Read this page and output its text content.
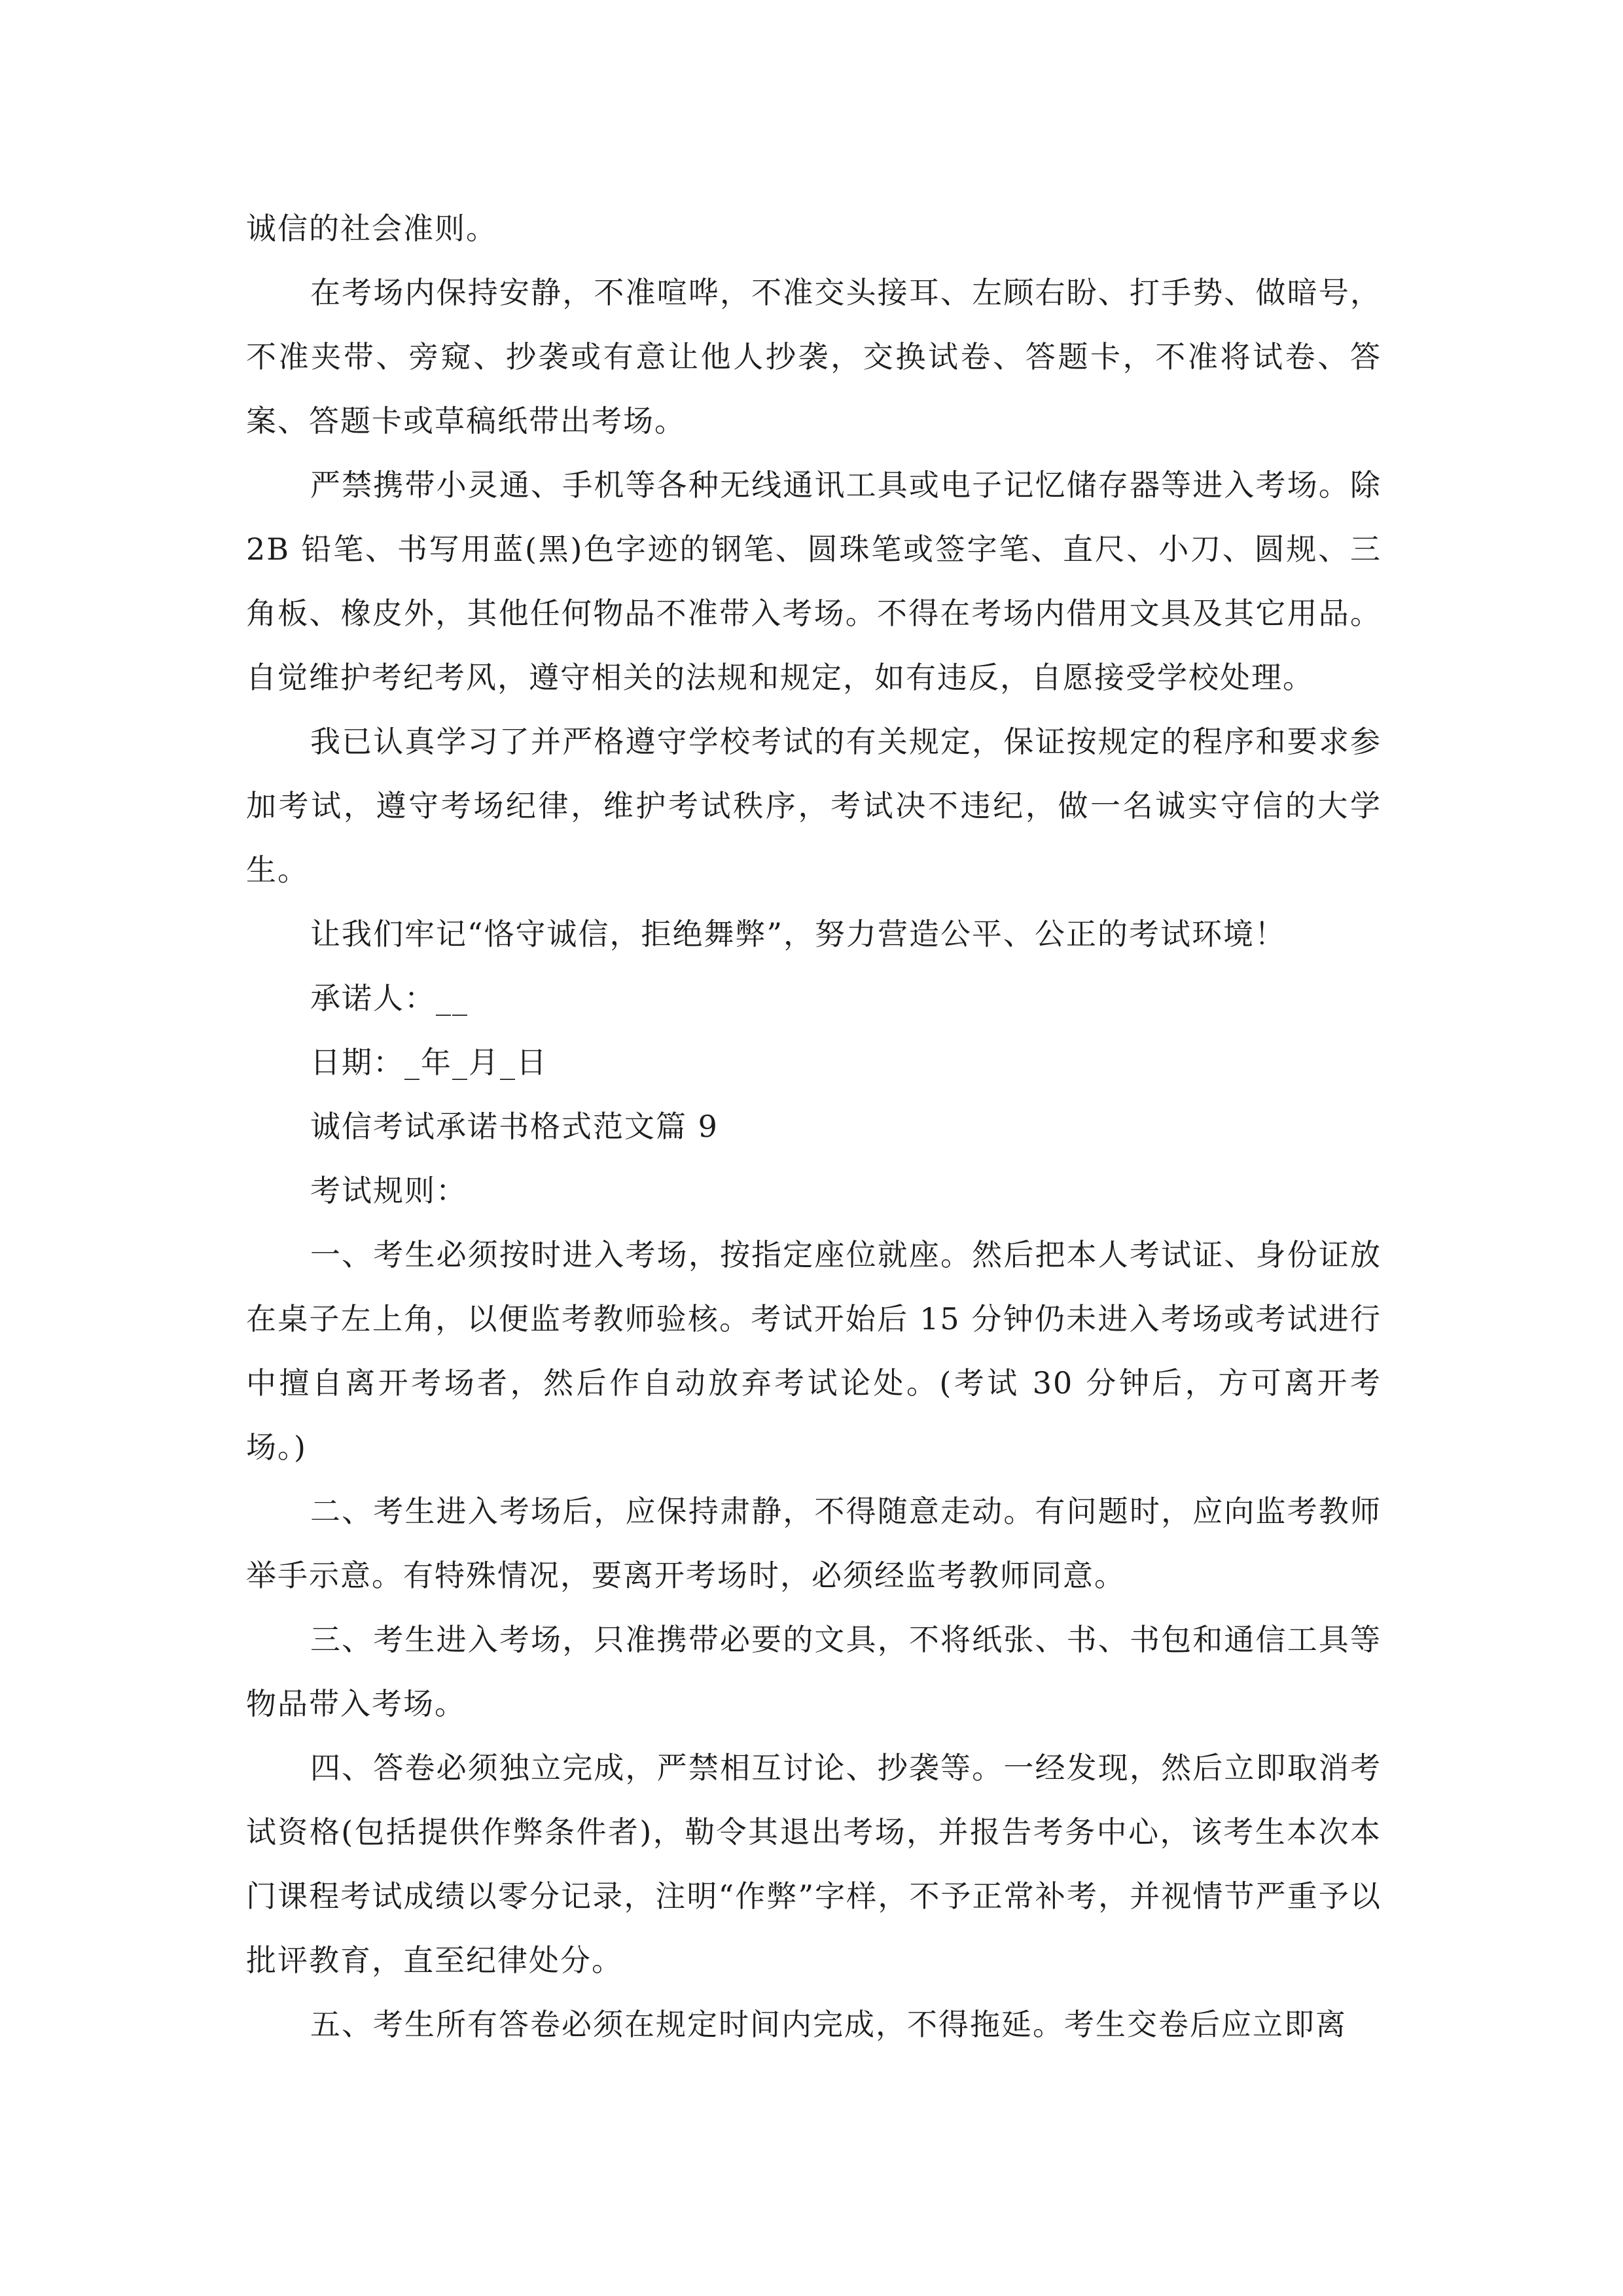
诚信的社会准则。

在考场内保持安静，不准喧哗，不准交头接耳、左顾右盼、打手势、做暗号，不准夹带、旁窥、抄袭或有意让他人抄袭，交换试卷、答题卡，不准将试卷、答案、答题卡或草稿纸带出考场。

严禁携带小灵通、手机等各种无线通讯工具或电子记忆储存器等进入考场。除 2B 铅笔、书写用蓝(黑)色字迹的钢笔、圆珠笔或签字笔、直尺、小刀、圆规、三角板、橡皮外，其他任何物品不准带入考场。不得在考场内借用文具及其它用品。自觉维护考纪考风，遵守相关的法规和规定，如有违反，自愿接受学校处理。

我已认真学习了并严格遵守学校考试的有关规定，保证按规定的程序和要求参加考试，遵守考场纪律，维护考试秩序，考试决不违纪，做一名诚实守信的大学生。

让我们牢记“恪守诚信，拒绝舞弊”，努力营造公平、公正的考试环境！

承诺人：__

日期：_年_月_日

诚信考试承诺书格式范文篇 9

考试规则：

一、考生必须按时进入考场，按指定座位就座。然后把本人考试证、身份证放在桌子左上角，以便监考教师验核。考试开始后 15 分钟仍未进入考场或考试进行中擅自离开考场者，然后作自动放弃考试论处。(考试 30 分钟后，方可离开考场。)

二、考生进入考场后，应保持肃静，不得随意走动。有问题时，应向监考教师举手示意。有特殊情况，要离开考场时，必须经监考教师同意。

三、考生进入考场，只准携带必要的文具，不将纸张、书、书包和通信工具等物品带入考场。

四、答卷必须独立完成，严禁相互讨论、抄袭等。一经发现，然后立即取消考试资格(包括提供作弊条件者)，勒令其退出考场，并报告考务中心，该考生本次本门课程考试成绩以零分记录，注明“作弊”字样，不予正常补考，并视情节严重予以批评教育，直至纪律处分。

五、考生所有答卷必须在规定时间内完成，不得拖延。考生交卷后应立即离
